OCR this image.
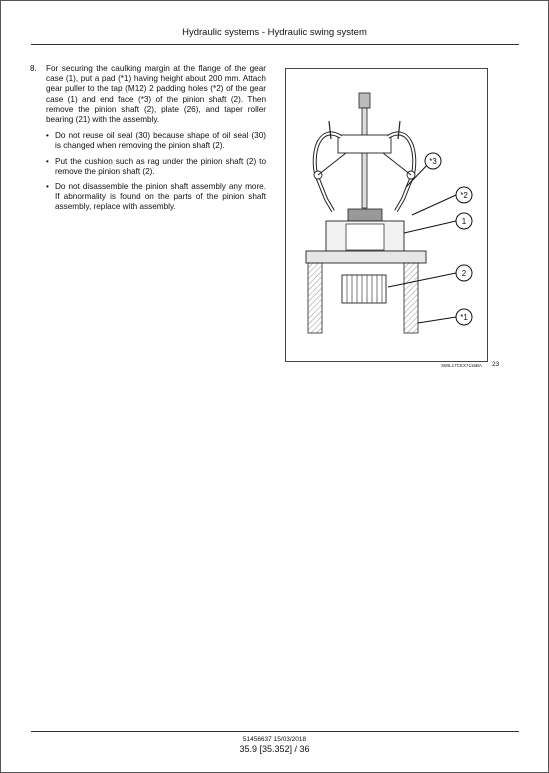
Hydraulic systems - Hydraulic swing system
8. For securing the caulking margin at the flange of the gear case (1), put a pad (*1) having height about 200 mm. Attach gear puller to the tap (M12) 2 padding holes (*2) of the gear case (1) and end face (*3) of the pinion shaft (2). Then remove the pinion shaft (2), plate (26), and taper roller bearing (21) with the assembly.
• Do not reuse oil seal (30) because shape of oil seal (30) is changed when removing the pinion shaft (2).
• Put the cushion such as rag under the pinion shaft (2) to remove the pinion shaft (2).
• Do not disassemble the pinion shaft assembly any more. If abnormality is found on the parts of the pinion shaft assembly, replace with assembly.
*3
*2
1
2
*1
SMIL17CEX7115BA 23
51456637 15/03/2018
35.9 [35.352] / 36
